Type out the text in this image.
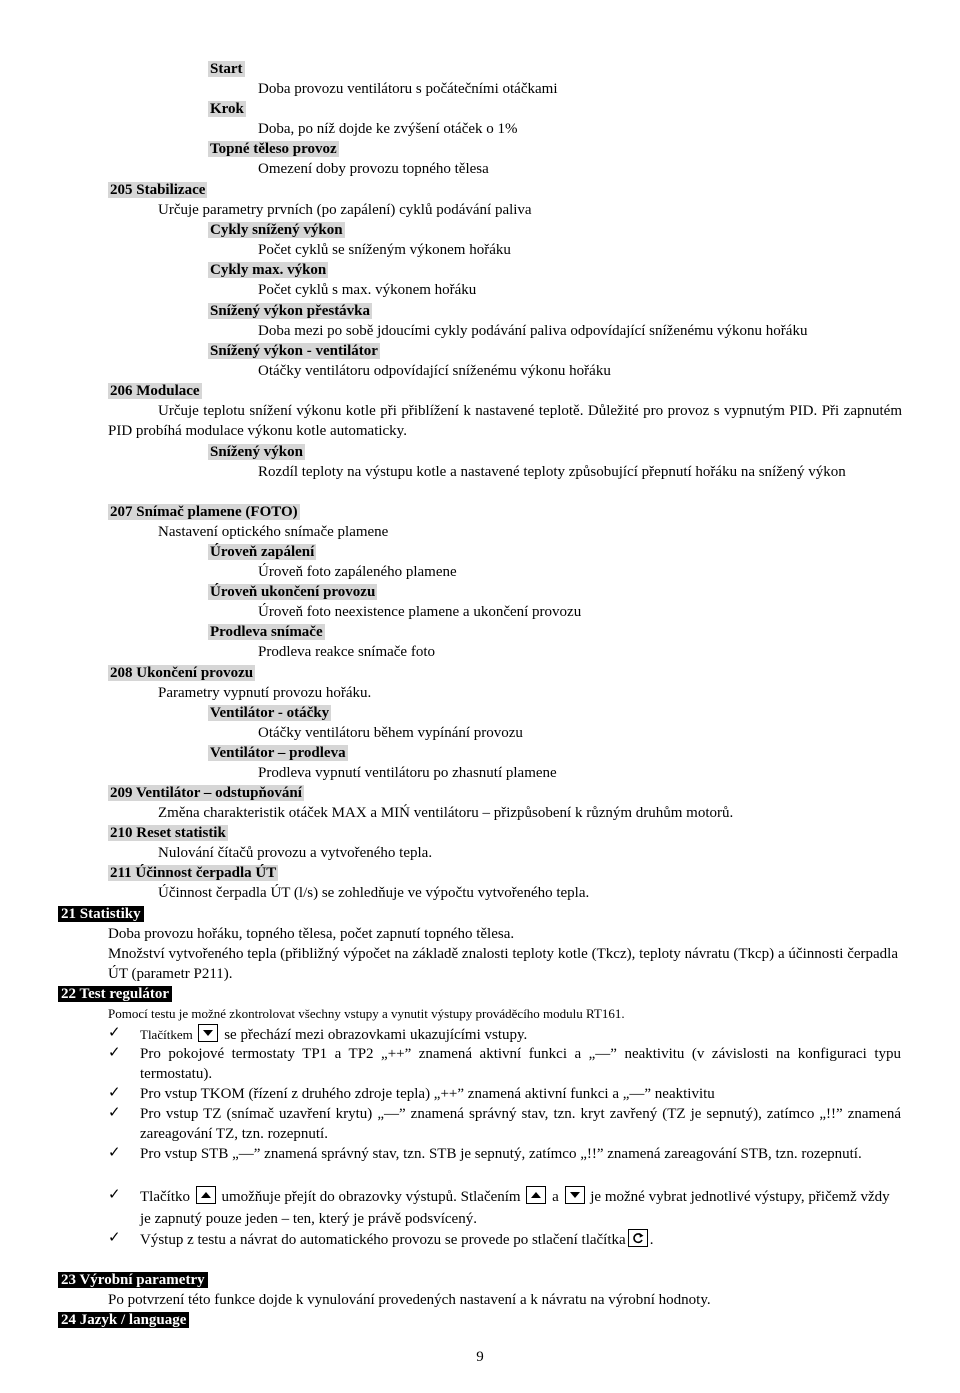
Start
Doba provozu ventilátoru s počátečními otáčkami
Krok
Doba, po níž dojde ke zvýšení otáček o 1%
Topné těleso provoz
Omezení doby provozu topného tělesa
205 Stabilizace
Určuje parametry prvních (po zapálení) cyklů podávání paliva
Cykly snížený výkon
Počet cyklů se sníženým výkonem hořáku
Cykly max. výkon
Počet cyklů s max. výkonem hořáku
Snížený výkon přestávka
Doba mezi po sobě jdoucími cykly podávání paliva odpovídající sníženému výkonu hořáku
Snížený výkon - ventilátor
Otáčky ventilátoru odpovídající sníženému výkonu hořáku
206 Modulace
Určuje teplotu snížení výkonu kotle při přiblížení k nastavené teplotě. Důležité pro provoz s vypnutým PID. Při zapnutém PID probíhá modulace výkonu kotle automaticky.
Snížený výkon
Rozdíl teploty na výstupu kotle a nastavené teploty způsobující přepnutí hořáku na snížený výkon
207 Snímač plamene (FOTO)
Nastavení optického snímače plamene
Úroveň zapálení
Úroveň foto zapáleného plamene
Úroveň ukončení provozu
Úroveň foto neexistence plamene a ukončení provozu
Prodleva snímače
Prodleva reakce snímače foto
208 Ukončení provozu
Parametry vypnutí provozu hořáku.
Ventilátor - otáčky
Otáčky ventilátoru během vypínání provozu
Ventilátor – prodleva
Prodleva vypnutí ventilátoru po zhasnutí plamene
209 Ventilátor – odstupňování
Změna charakteristik otáček MAX a MIŃ ventilátoru – přizpůsobení k různým druhům motorů.
210 Reset statistik
Nulování čítačů provozu a vytvořeného tepla.
211 Účinnost čerpadla ÚT
Účinnost čerpadla ÚT (l/s) se zohledňuje ve výpočtu vytvořeného tepla.
21 Statistiky
Doba provozu hořáku, topného tělesa, počet zapnutí topného tělesa.
Množství vytvořeného tepla (přibližný výpočet na základě znalosti teploty kotle (Tkcz), teploty návratu (Tkcp) a účinnosti čerpadla ÚT (parametr P211).
22 Test regulátor
Pomocí testu je možné zkontrolovat všechny vstupy a vynutit výstupy prováděcího modulu RT161.
✓ Tlačítkem se přechází mezi obrazovkami ukazujícími vstupy.
✓ Pro pokojové termostaty TP1 a TP2 „++” znamená aktivní funkci a „—” neaktivitu (v závislosti na konfiguraci typu termostatu).
✓ Pro vstup TKOM (řízení z druhého zdroje tepla) „++” znamená aktivní funkci a „—” neaktivitu
✓ Pro vstup TZ (snímač uzavření krytu) „—” znamená správný stav, tzn. kryt zavřený (TZ je sepnutý), zatímco „!!” znamená zareagování TZ, tzn. rozepnutí.
✓ Pro vstup STB „—” znamená správný stav, tzn. STB je sepnutý, zatímco „!!” znamená zareagování STB, tzn. rozepnutí.
✓ Tlačítko umožňuje přejít do obrazovky výstupů. Stlačením a je možné vybrat jednotlivé výstupy, přičemž vždy je zapnutý pouze jeden – ten, který je právě podsvícený.
✓ Výstup z testu a návrat do automatického provozu se provede po stlačení tlačítka .
23 Výrobní parametry
Po potvrzení této funkce dojde k vynulování provedených nastavení a k návratu na výrobní hodnoty.
24 Jazyk / language
9
